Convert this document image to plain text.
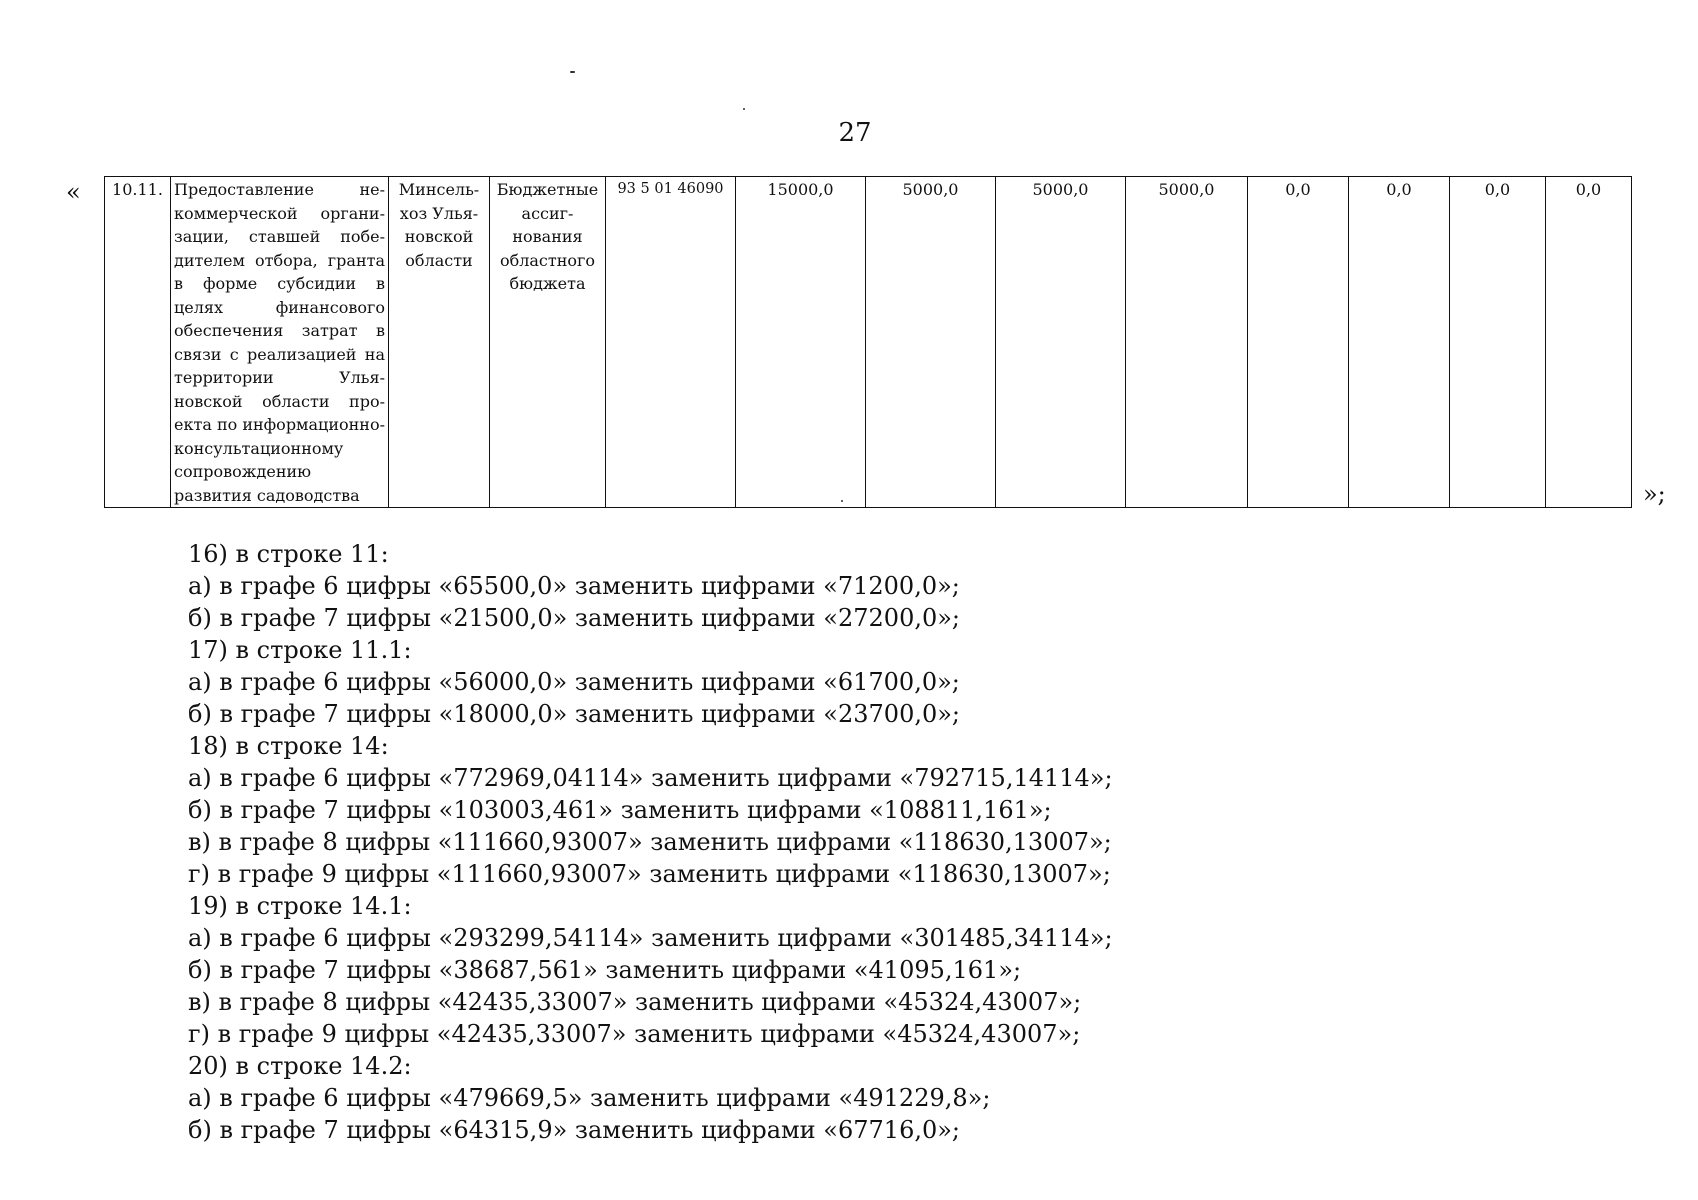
27
« 10.11.	Предоставление некоммерческой организации, ставшей победителем отбора, гранта в форме субсидии в целях финансового обеспечения затрат в связи с реализацией на территории Ульяновской области проекта по информационно-консультационному сопровождению развития садоводства	Минсельхоз Ульяновской области	Бюджетные ассигнования областного бюджета	93 5 01 46090	15000,0	5000,0	5000,0	5000,0	0,0	0,0	0,0	0,0
»;
16) в строке 11:
а) в графе 6 цифры «65500,0» заменить цифрами «71200,0»;
б) в графе 7 цифры «21500,0» заменить цифрами «27200,0»;
17) в строке 11.1:
а) в графе 6 цифры «56000,0» заменить цифрами «61700,0»;
б) в графе 7 цифры «18000,0» заменить цифрами «23700,0»;
18) в строке 14:
а) в графе 6 цифры «772969,04114» заменить цифрами «792715,14114»;
б) в графе 7 цифры «103003,461» заменить цифрами «108811,161»;
в) в графе 8 цифры «111660,93007» заменить цифрами «118630,13007»;
г) в графе 9 цифры «111660,93007» заменить цифрами «118630,13007»;
19) в строке 14.1:
а) в графе 6 цифры «293299,54114» заменить цифрами «301485,34114»;
б) в графе 7 цифры «38687,561» заменить цифрами «41095,161»;
в) в графе 8 цифры «42435,33007» заменить цифрами «45324,43007»;
г) в графе 9 цифры «42435,33007» заменить цифрами «45324,43007»;
20) в строке 14.2:
а) в графе 6 цифры «479669,5» заменить цифрами «491229,8»;
б) в графе 7 цифры «64315,9» заменить цифрами «67716,0»;
